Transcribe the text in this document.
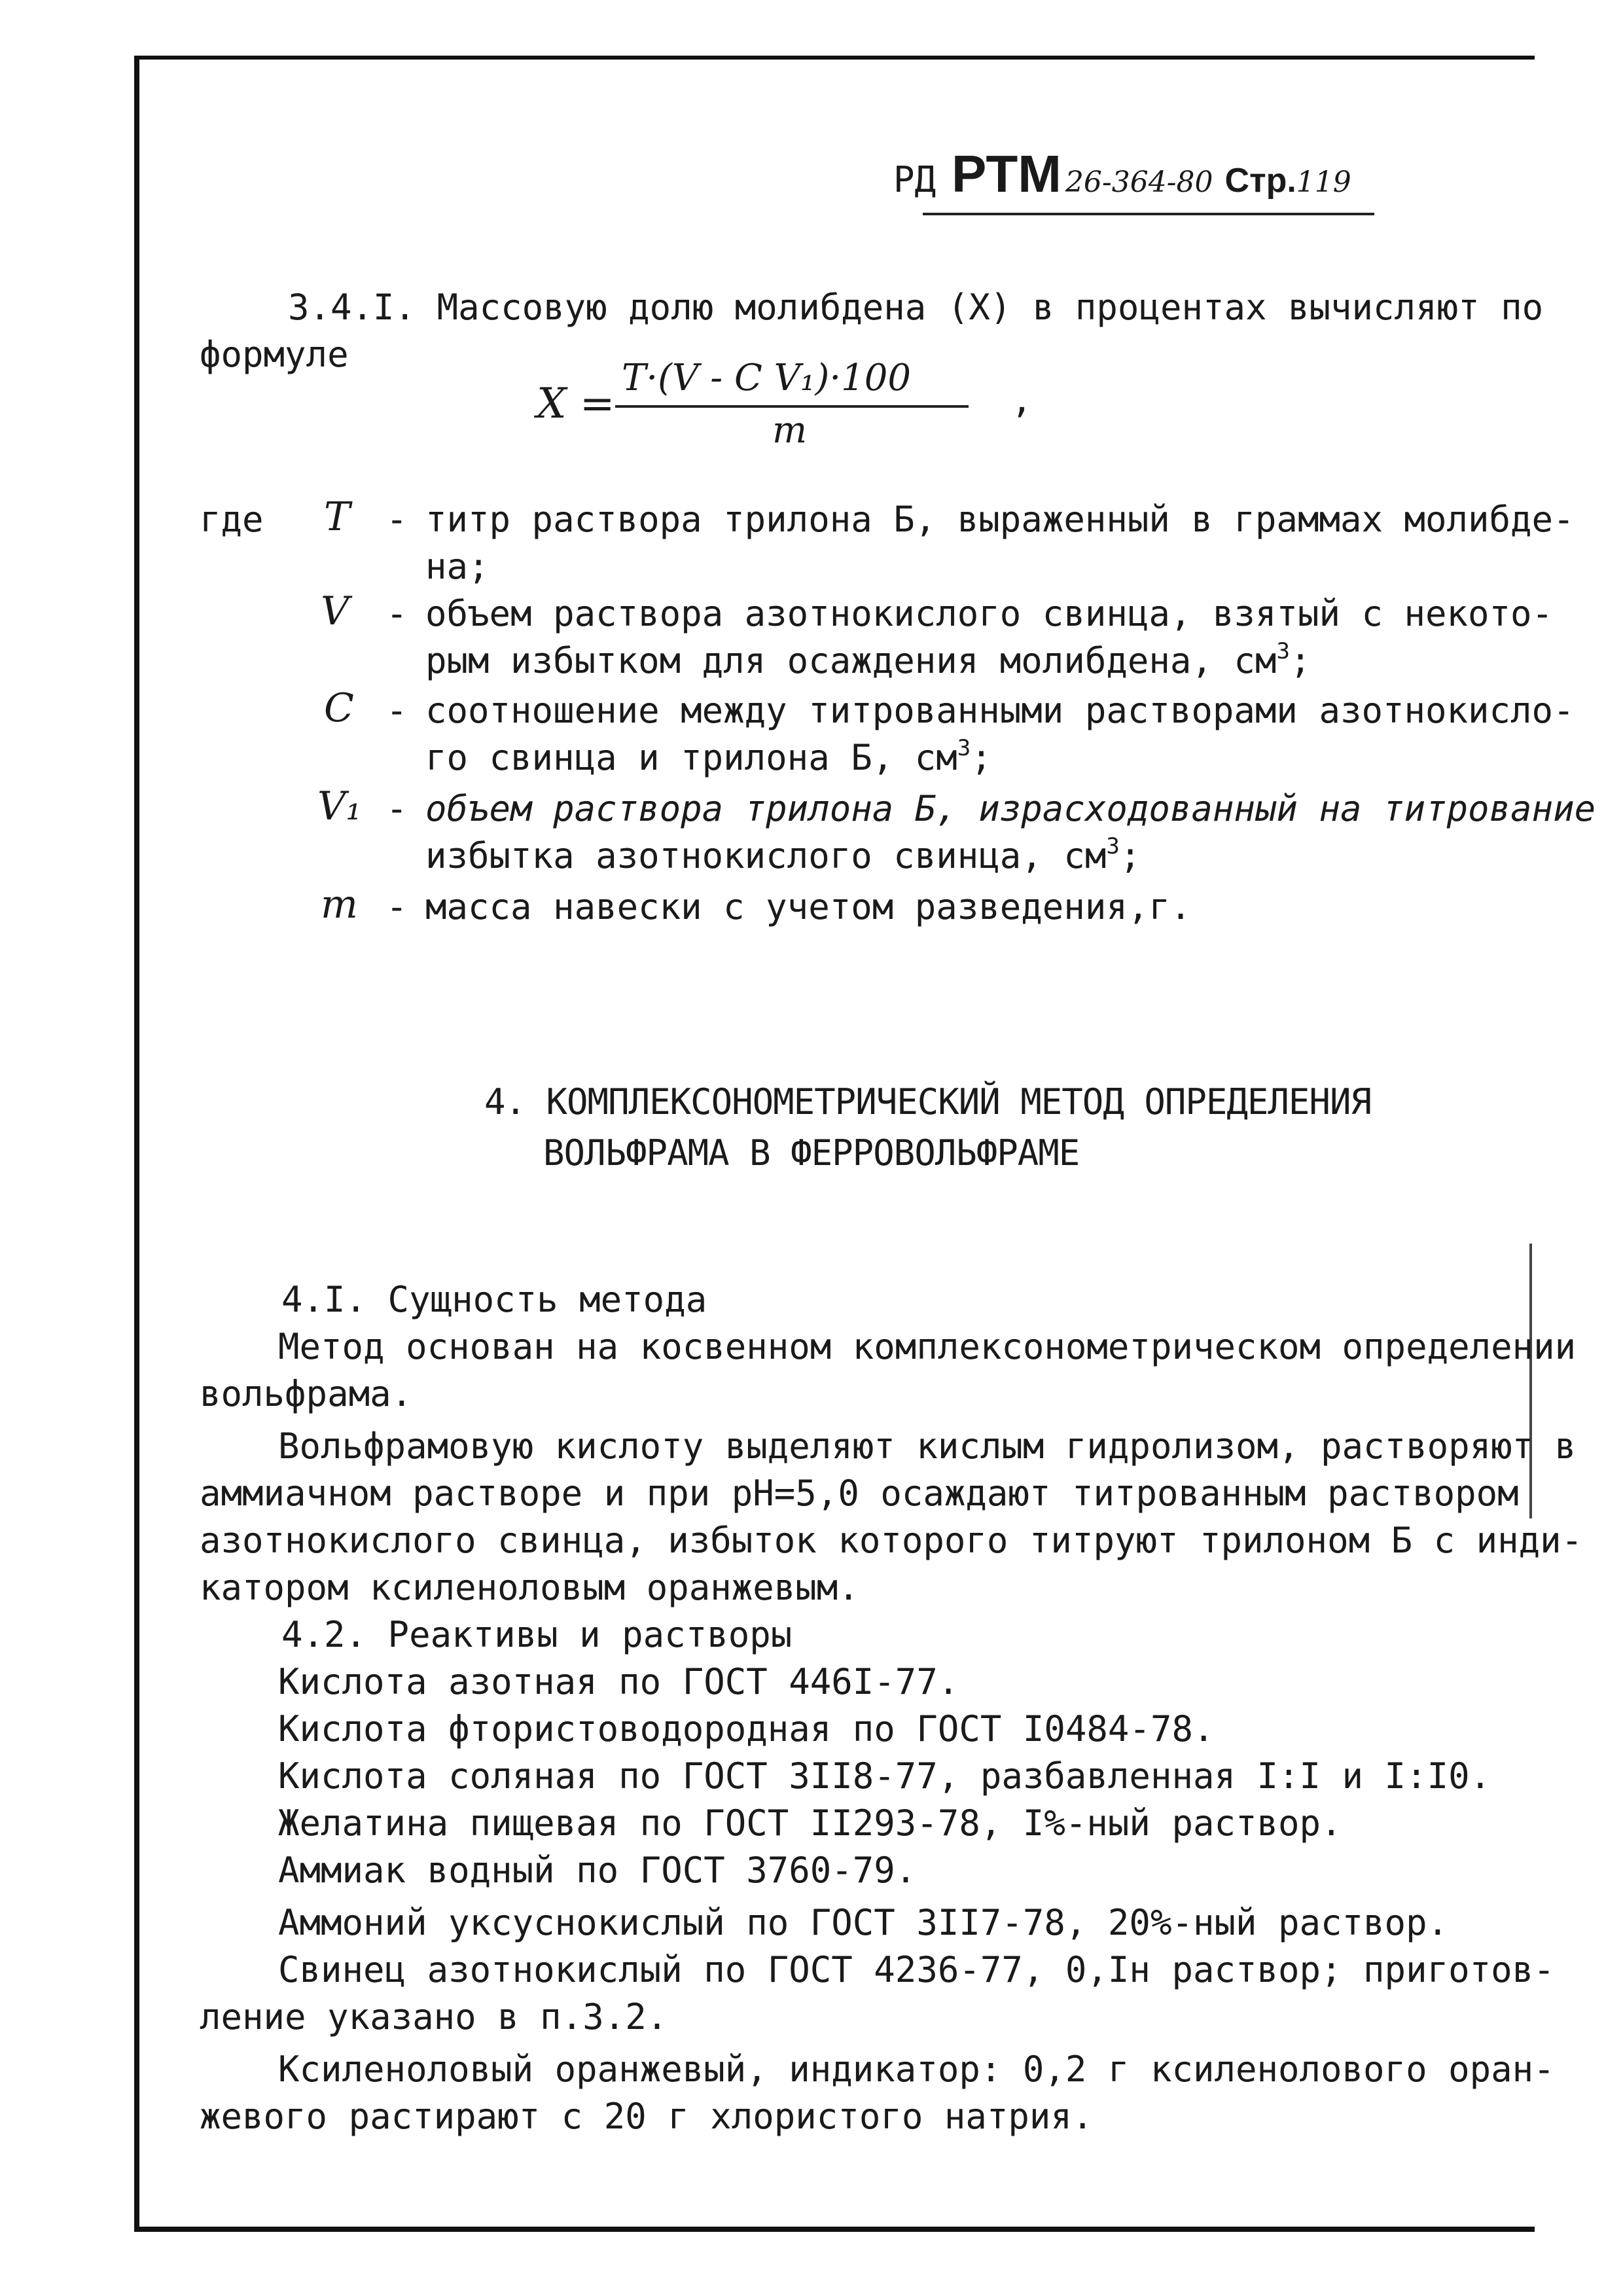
РД РТМ 26-364-80 Стр.119
3.4.I. Массовую долю молибдена (X) в процентах вычисляют по
формуле
X =
T·(V - C V₁)·100
m
,
где T - титр раствора трилона Б, выраженный в граммах молибде-
на;
V - объем раствора азотнокислого свинца, взятый с некото-
рым избытком для осаждения молибдена, $см^3$;
C - соотношение между титрованными растворами азотнокисло-
го свинца и трилона Б, $см^3$;
V₁ - объем раствора трилона Б, израсходованный на титрование
избытка азотнокислого свинца, $см^3$;
m - масса навески с учетом разведения,г.
4. КОМПЛЕКСОНОМЕТРИЧЕСКИЙ МЕТОД ОПРЕДЕЛЕНИЯ
ВОЛЬФРАМА В ФЕРРОВОЛЬФРАМЕ
4.I. Сущность метода
Метод основан на косвенном комплексонометрическом определении
вольфрама.
Вольфрамовую кислоту выделяют кислым гидролизом, растворяют в
аммиачном растворе и при pH=5,0 осаждают титрованным раствором
азотнокислого свинца, избыток которого титруют трилоном Б с инди-
катором ксиленоловым оранжевым.
4.2. Реактивы и растворы
Кислота азотная по ГОСТ 446I-77.
Кислота фтористоводородная по ГОСТ I0484-78.
Кислота соляная по ГОСТ 3II8-77, разбавленная I:I и I:I0.
Желатина пищевая по ГОСТ II293-78, I%-ный раствор.
Аммиак водный по ГОСТ 3760-79.
Аммоний уксуснокислый по ГОСТ 3II7-78, 20%-ный раствор.
Свинец азотнокислый по ГОСТ 4236-77, 0,Iн раствор; приготов-
ление указано в п.3.2.
Ксиленоловый оранжевый, индикатор: 0,2 г ксиленолового оран-
жевого растирают с 20 г хлористого натрия.
